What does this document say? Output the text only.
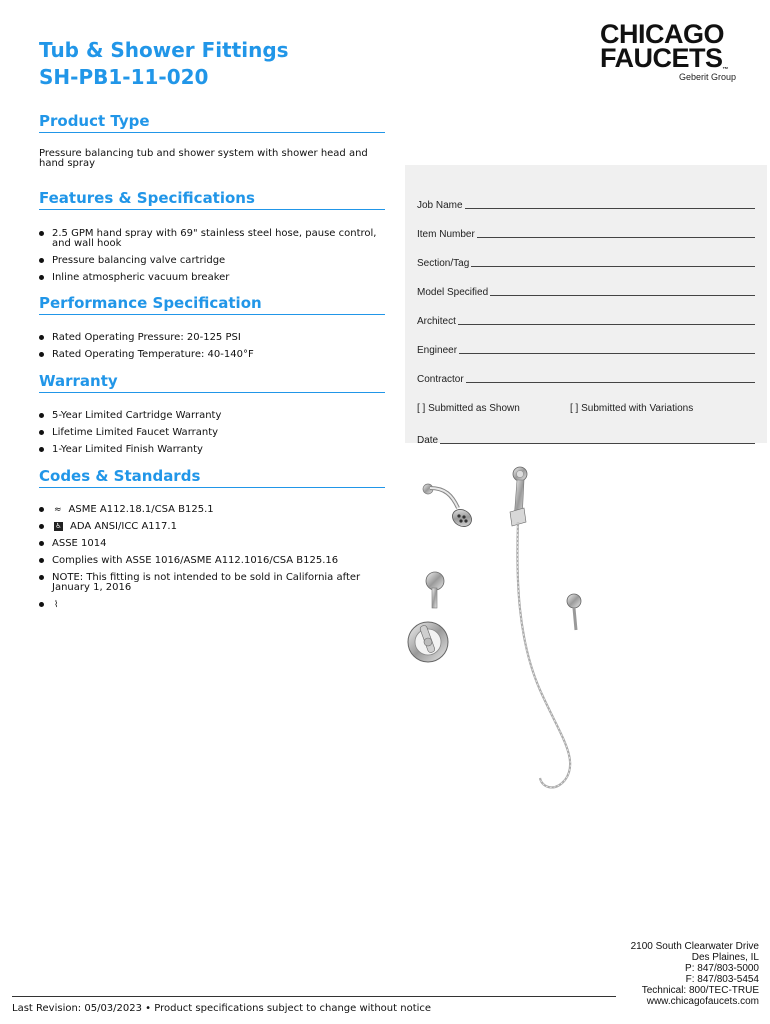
Tub & Shower Fittings
SH-PB1-11-020
CHICAGO
FAUCETS™
Geberit Group
Product Type
Pressure balancing tub and shower system with shower head and hand spray
Features & Specifications
2.5 GPM hand spray with 69" stainless steel hose, pause control, and wall hook
Pressure balancing valve cartridge
Inline atmospheric vacuum breaker
Performance Specification
Rated Operating Pressure: 20-125 PSI
Rated Operating Temperature: 40-140°F
Warranty
5-Year Limited Cartridge Warranty
Lifetime Limited Faucet Warranty
1-Year Limited Finish Warranty
Codes & Standards
≈ ASME A112.18.1/CSA B125.1
♿ ADA ANSI/ICC A117.1
ASSE 1014
Complies with ASSE 1016/ASME A112.1016/CSA B125.16
NOTE: This fitting is not intended to be sold in California after January 1, 2016
⌇
Job Name
Item Number
Section/Tag
Model Specified
Architect
Engineer
Contractor
[ ] Submitted as Shown	[ ] Submitted with Variations
Date
2100 South Clearwater Drive
Des Plaines, IL
P: 847/803-5000
F: 847/803-5454
Technical: 800/TEC-TRUE
www.chicagofaucets.com
Last Revision: 05/03/2023 • Product specifications subject to change without notice
